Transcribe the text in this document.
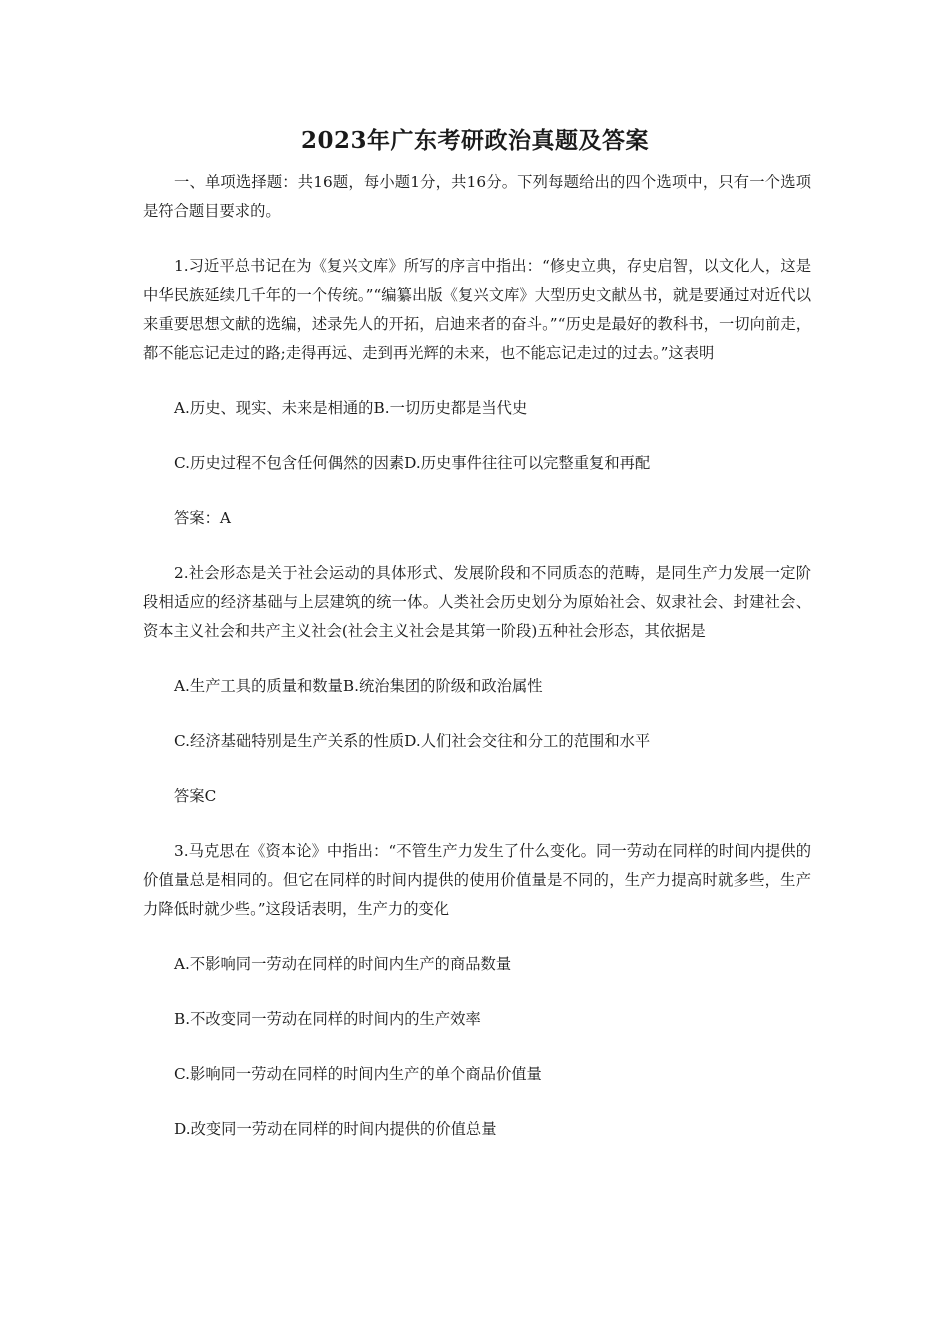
2023年广东考研政治真题及答案

一、单项选择题：共16题，每小题1分，共16分。下列每题给出的四个选项中，只有一个选项是符合题目要求的。

1.习近平总书记在为《复兴文库》所写的序言中指出：“修史立典，存史启智，以文化人，这是中华民族延续几千年的一个传统。”“编纂出版《复兴文库》大型历史文献丛书，就是要通过对近代以来重要思想文献的选编，述录先人的开拓，启迪来者的奋斗。”“历史是最好的教科书，一切向前走，都不能忘记走过的路;走得再远、走到再光辉的未来，也不能忘记走过的过去。”这表明

A.历史、现实、未来是相通的B.一切历史都是当代史

C.历史过程不包含任何偶然的因素D.历史事件往往可以完整重复和再配

答案：A

2.社会形态是关于社会运动的具体形式、发展阶段和不同质态的范畴，是同生产力发展一定阶段相适应的经济基础与上层建筑的统一体。人类社会历史划分为原始社会、奴隶社会、封建社会、资本主义社会和共产主义社会(社会主义社会是其第一阶段)五种社会形态，其依据是

A.生产工具的质量和数量B.统治集团的阶级和政治属性

C.经济基础特别是生产关系的性质D.人们社会交往和分工的范围和水平

答案C

3.马克思在《资本论》中指出：“不管生产力发生了什么变化。同一劳动在同样的时间内提供的价值量总是相同的。但它在同样的时间内提供的使用价值量是不同的，生产力提高时就多些，生产力降低时就少些。”这段话表明，生产力的变化

A.不影响同一劳动在同样的时间内生产的商品数量

B.不改变同一劳动在同样的时间内的生产效率

C.影响同一劳动在同样的时间内生产的单个商品价值量

D.改变同一劳动在同样的时间内提供的价值总量
